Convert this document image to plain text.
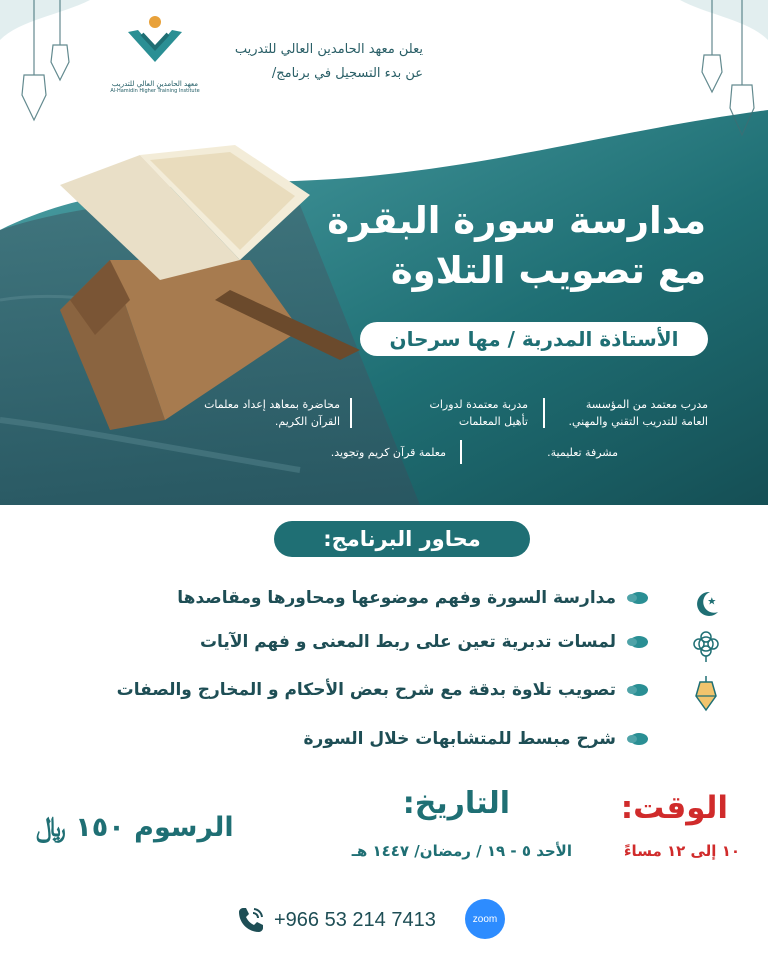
معهد الحامدين العالي للتدريب
Al-Hamidin Higher Training Institute
يعلن معهد الحامدين العالي للتدريب
عن بدء التسجيل في برنامج/
مدارسة سورة البقرة
مع تصويب التلاوة
الأستاذة المدربة / مها سرحان
مدرب معتمد من المؤسسة
العامة للتدريب التقني والمهني.
مدربة معتمدة لدورات
تأهيل المعلمات
محاضرة بمعاهد إعداد معلمات
القرآن الكريم.
مشرفة تعليمية.
معلمة قرآن كريم وتجويد.
محاور البرنامج:
مدارسة السورة وفهم موضوعها ومحاورها ومقاصدها
لمسات تدبرية تعين على ربط المعنى و فهم الآيات
تصويب تلاوة بدقة مع شرح بعض الأحكام و المخارج والصفات
شرح مبسط للمتشابهات خلال السورة
الرسوم ١٥٠ ﷼
التاريخ:
الأحد ٥ - ١٩ / رمضان/ ١٤٤٧ هـ
الوقت:
١٠ إلى ١٢ مساءً
+966 53 214 7413	zoom
